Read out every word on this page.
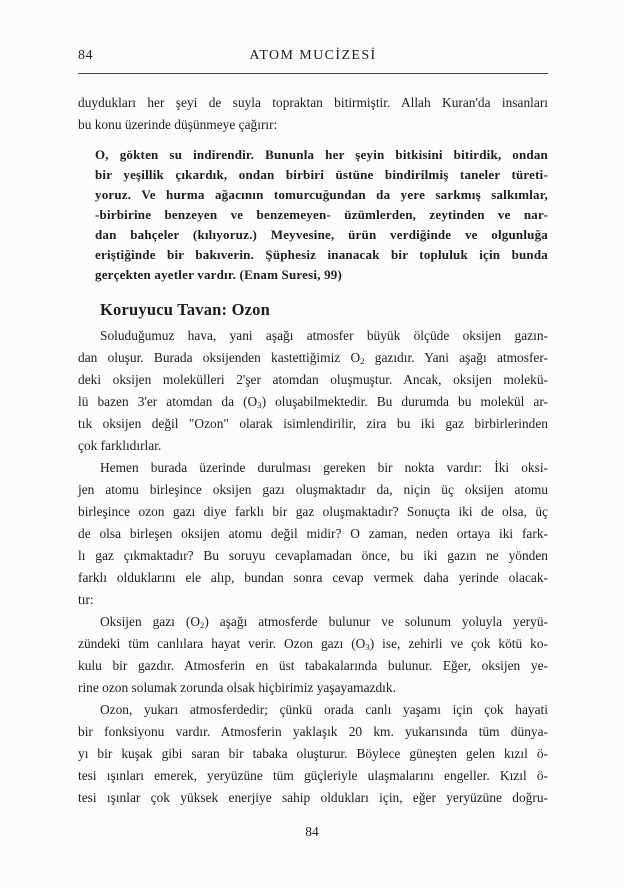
84	ATOM MUCİZESİ
duydukları her şeyi de suyla topraktan bitirmiştir. Allah Kuran'da insanları
bu konu üzerinde düşünmeye çağırır:
O, gökten su indirendir. Bununla her şeyin bitkisini bitirdik, ondan
bir yeşillik çıkardık, ondan birbiri üstüne bindirilmiş taneler türeti-
yoruz. Ve hurma ağacının tomurcuğundan da yere sarkmış salkımlar,
-birbirine benzeyen ve benzemeyen- üzümlerden, zeytinden ve nar-
dan bahçeler (kılıyoruz.) Meyvesine, ürün verdiğinde ve olgunluğa
eriştiğinde bir bakıverin. Şüphesiz inanacak bir topluluk için bunda
gerçekten ayetler vardır. (Enam Suresi, 99)
Koruyucu Tavan: Ozon
Soluduğumuz hava, yani aşağı atmosfer büyük ölçüde oksijen gazın-
dan oluşur. Burada oksijenden kastettiğimiz $O_2$ gazıdır. Yani aşağı atmosfer-
deki oksijen molekülleri 2'şer atomdan oluşmuştur. Ancak, oksijen molekü-
lü bazen 3'er atomdan da $(O_3)$ oluşabilmektedir. Bu durumda bu molekül ar-
tık oksijen değil "Ozon" olarak isimlendirilir, zira bu iki gaz birbirlerinden
çok farklıdırlar.
Hemen burada üzerinde durulması gereken bir nokta vardır: İki oksi-
jen atomu birleşince oksijen gazı oluşmaktadır da, niçin üç oksijen atomu
birleşince ozon gazı diye farklı bir gaz oluşmaktadır? Sonuçta iki de olsa, üç
de olsa birleşen oksijen atomu değil midir? O zaman, neden ortaya iki fark-
lı gaz çıkmaktadır? Bu soruyu cevaplamadan önce, bu iki gazın ne yönden
farklı olduklarını ele alıp, bundan sonra cevap vermek daha yerinde olacak-
tır:
Oksijen gazı $(O_2)$ aşağı atmosferde bulunur ve solunum yoluyla yeryü-
zündeki tüm canlılara hayat verir. Ozon gazı $(O_3)$ ise, zehirli ve çok kötü ko-
kulu bir gazdır. Atmosferin en üst tabakalarında bulunur. Eğer, oksijen ye-
rine ozon solumak zorunda olsak hiçbirimiz yaşayamazdık.
Ozon, yukarı atmosferdedir; çünkü orada canlı yaşamı için çok hayati
bir fonksiyonu vardır. Atmosferin yaklaşık 20 km. yukarısında tüm dünya-
yı bir kuşak gibi saran bir tabaka oluşturur. Böylece güneşten gelen kızıl ö-
tesi ışınları emerek, yeryüzüne tüm güçleriyle ulaşmalarını engeller. Kızıl ö-
tesi ışınlar çok yüksek enerjiye sahip oldukları için, eğer yeryüzüne doğru-
84
